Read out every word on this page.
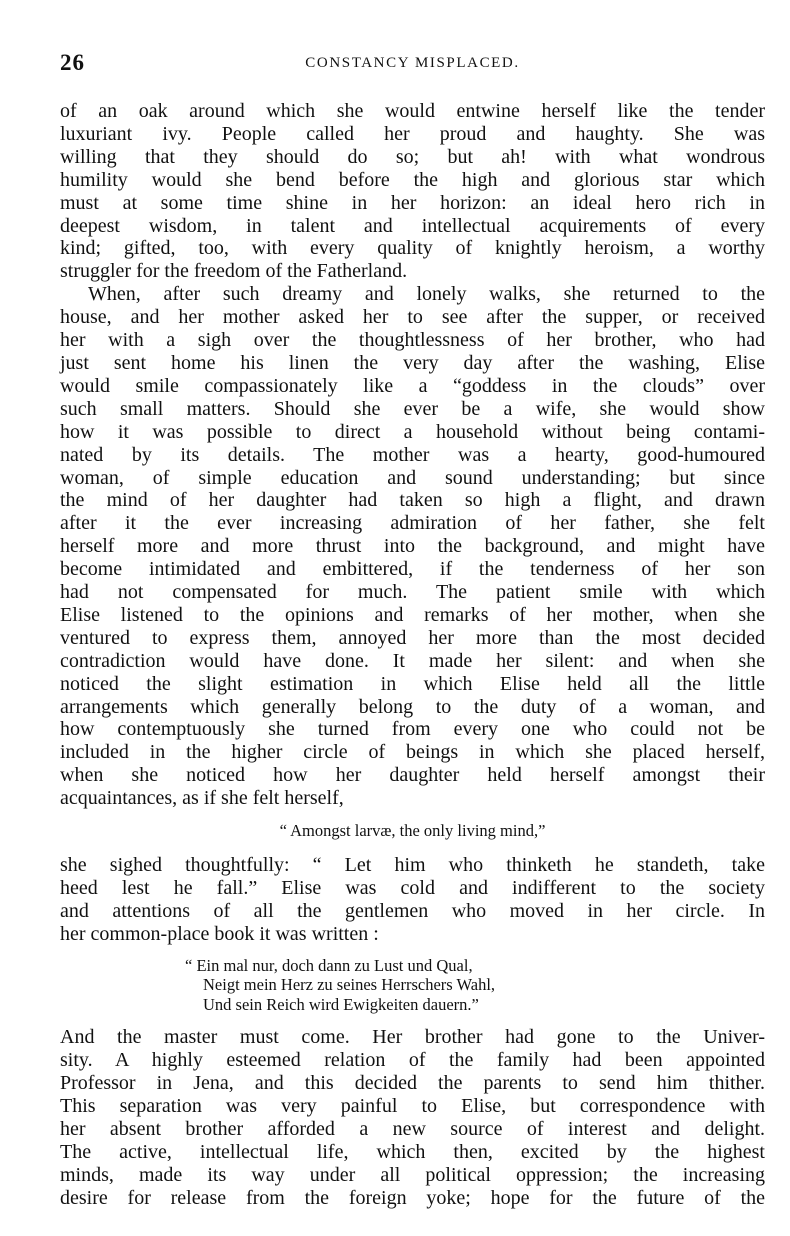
26	CONSTANCY MISPLACED.
of an oak around which she would entwine herself like the tender
luxuriant ivy. People called her proud and haughty. She was
willing that they should do so; but ah! with what wondrous
humility would she bend before the high and glorious star which
must at some time shine in her horizon: an ideal hero rich in
deepest wisdom, in talent and intellectual acquirements of every
kind; gifted, too, with every quality of knightly heroism, a worthy
struggler for the freedom of the Fatherland.
When, after such dreamy and lonely walks, she returned to the
house, and her mother asked her to see after the supper, or received
her with a sigh over the thoughtlessness of her brother, who had
just sent home his linen the very day after the washing, Elise
would smile compassionately like a “goddess in the clouds” over
such small matters. Should she ever be a wife, she would show
how it was possible to direct a household without being contami-
nated by its details. The mother was a hearty, good-humoured
woman, of simple education and sound understanding; but since
the mind of her daughter had taken so high a flight, and drawn
after it the ever increasing admiration of her father, she felt
herself more and more thrust into the background, and might have
become intimidated and embittered, if the tenderness of her son
had not compensated for much. The patient smile with which
Elise listened to the opinions and remarks of her mother, when she
ventured to express them, annoyed her more than the most decided
contradiction would have done. It made her silent: and when she
noticed the slight estimation in which Elise held all the little
arrangements which generally belong to the duty of a woman, and
how contemptuously she turned from every one who could not be
included in the higher circle of beings in which she placed herself,
when she noticed how her daughter held herself amongst their
acquaintances, as if she felt herself,
“ Amongst larvæ, the only living mind,”
she sighed thoughtfully: “ Let him who thinketh he standeth, take
heed lest he fall.” Elise was cold and indifferent to the society
and attentions of all the gentlemen who moved in her circle. In
her common-place book it was written :
“ Ein mal nur, doch dann zu Lust und Qual,
Neigt mein Herz zu seines Herrschers Wahl,
Und sein Reich wird Ewigkeiten dauern.”
And the master must come. Her brother had gone to the Univer-
sity. A highly esteemed relation of the family had been appointed
Professor in Jena, and this decided the parents to send him thither.
This separation was very painful to Elise, but correspondence with
her absent brother afforded a new source of interest and delight.
The active, intellectual life, which then, excited by the highest
minds, made its way under all political oppression; the increasing
desire for release from the foreign yoke; hope for the future of the
